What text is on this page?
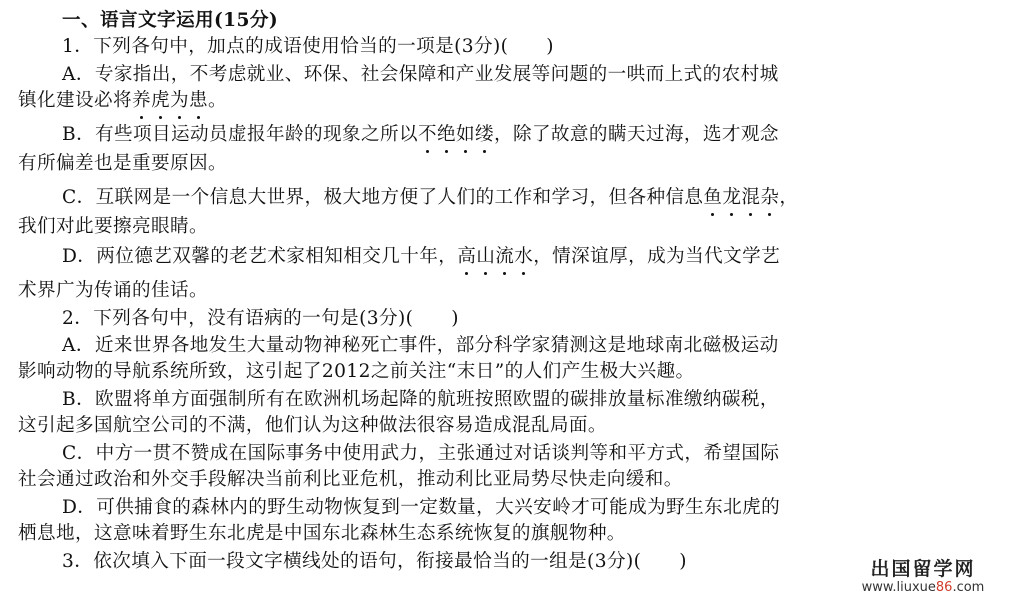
一、语言文字运用(15分)
1．下列各句中，加点的成语使用恰当的一项是(3分)(　　)
A．专家指出，不考虑就业、环保、社会保障和产业发展等问题的一哄而上式的农村城
镇化建设必将养虎为患。
B．有些项目运动员虚报年龄的现象之所以不绝如缕，除了故意的瞒天过海，选才观念
有所偏差也是重要原因。
C．互联网是一个信息大世界，极大地方便了人们的工作和学习，但各种信息鱼龙混杂，
我们对此要擦亮眼睛。
D．两位德艺双馨的老艺术家相知相交几十年，高山流水，情深谊厚，成为当代文学艺
术界广为传诵的佳话。
2．下列各句中，没有语病的一句是(3分)(　　)
A．近来世界各地发生大量动物神秘死亡事件，部分科学家猜测这是地球南北磁极运动
影响动物的导航系统所致，这引起了2012之前关注“末日”的人们产生极大兴趣。
B．欧盟将单方面强制所有在欧洲机场起降的航班按照欧盟的碳排放量标准缴纳碳税，
这引起多国航空公司的不满，他们认为这种做法很容易造成混乱局面。
C．中方一贯不赞成在国际事务中使用武力，主张通过对话谈判等和平方式，希望国际
社会通过政治和外交手段解决当前利比亚危机，推动利比亚局势尽快走向缓和。
D．可供捕食的森林内的野生动物恢复到一定数量，大兴安岭才可能成为野生东北虎的
栖息地，这意味着野生东北虎是中国东北森林生态系统恢复的旗舰物种。
3．依次填入下面一段文字横线处的语句，衔接最恰当的一组是(3分)(　　)	出国留学网
www.liuxue86.com
